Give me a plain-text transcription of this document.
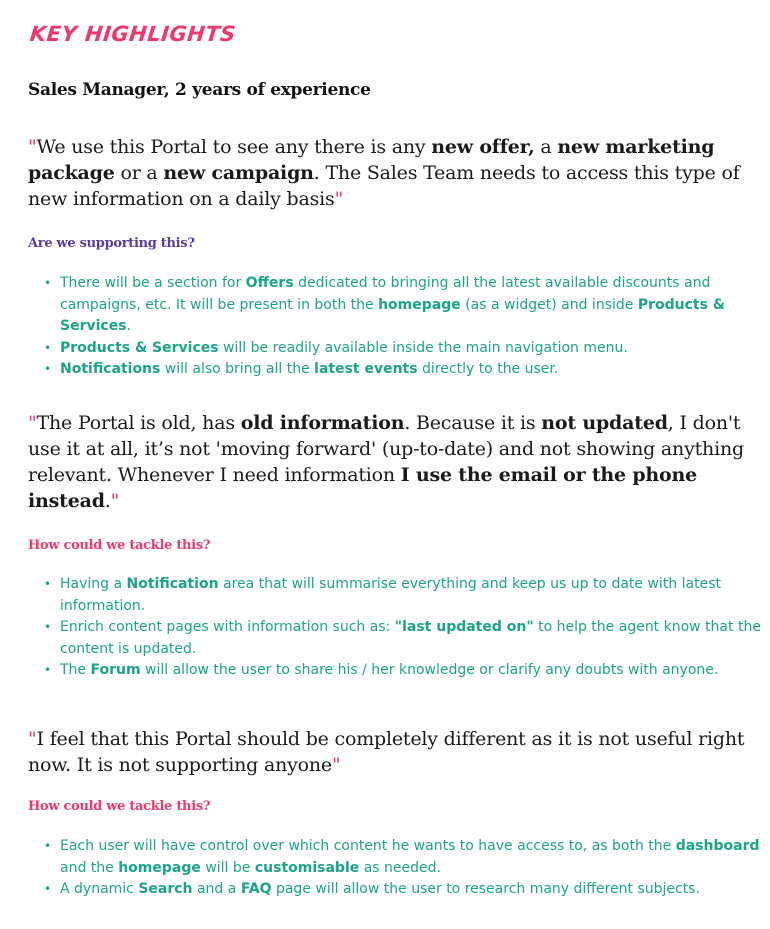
KEY HIGHLIGHTS
Sales Manager, 2 years of experience

"We use this Portal to see any there is any new offer, a new marketing package or a new campaign. The Sales Team needs to access this type of new information on a daily basis"

Are we supporting this?
• There will be a section for Offers dedicated to bringing all the latest available discounts and campaigns, etc. It will be present in both the homepage (as a widget) and inside Products & Services.
• Products & Services will be readily available inside the main navigation menu.
• Notifications will also bring all the latest events directly to the user.

"The Portal is old, has old information. Because it is not updated, I don't use it at all, it’s not 'moving forward' (up-to-date) and not showing anything relevant. Whenever I need information I use the email or the phone instead."

How could we tackle this?
• Having a Notification area that will summarise everything and keep us up to date with latest information.
• Enrich content pages with information such as: "last updated on" to help the agent know that the content is updated.
• The Forum will allow the user to share his / her knowledge or clarify any doubts with anyone.

"I feel that this Portal should be completely different as it is not useful right now. It is not supporting anyone"

How could we tackle this?
• Each user will have control over which content he wants to have access to, as both the dashboard and the homepage will be customisable as needed.
• A dynamic Search and a FAQ page will allow the user to research many different subjects.
